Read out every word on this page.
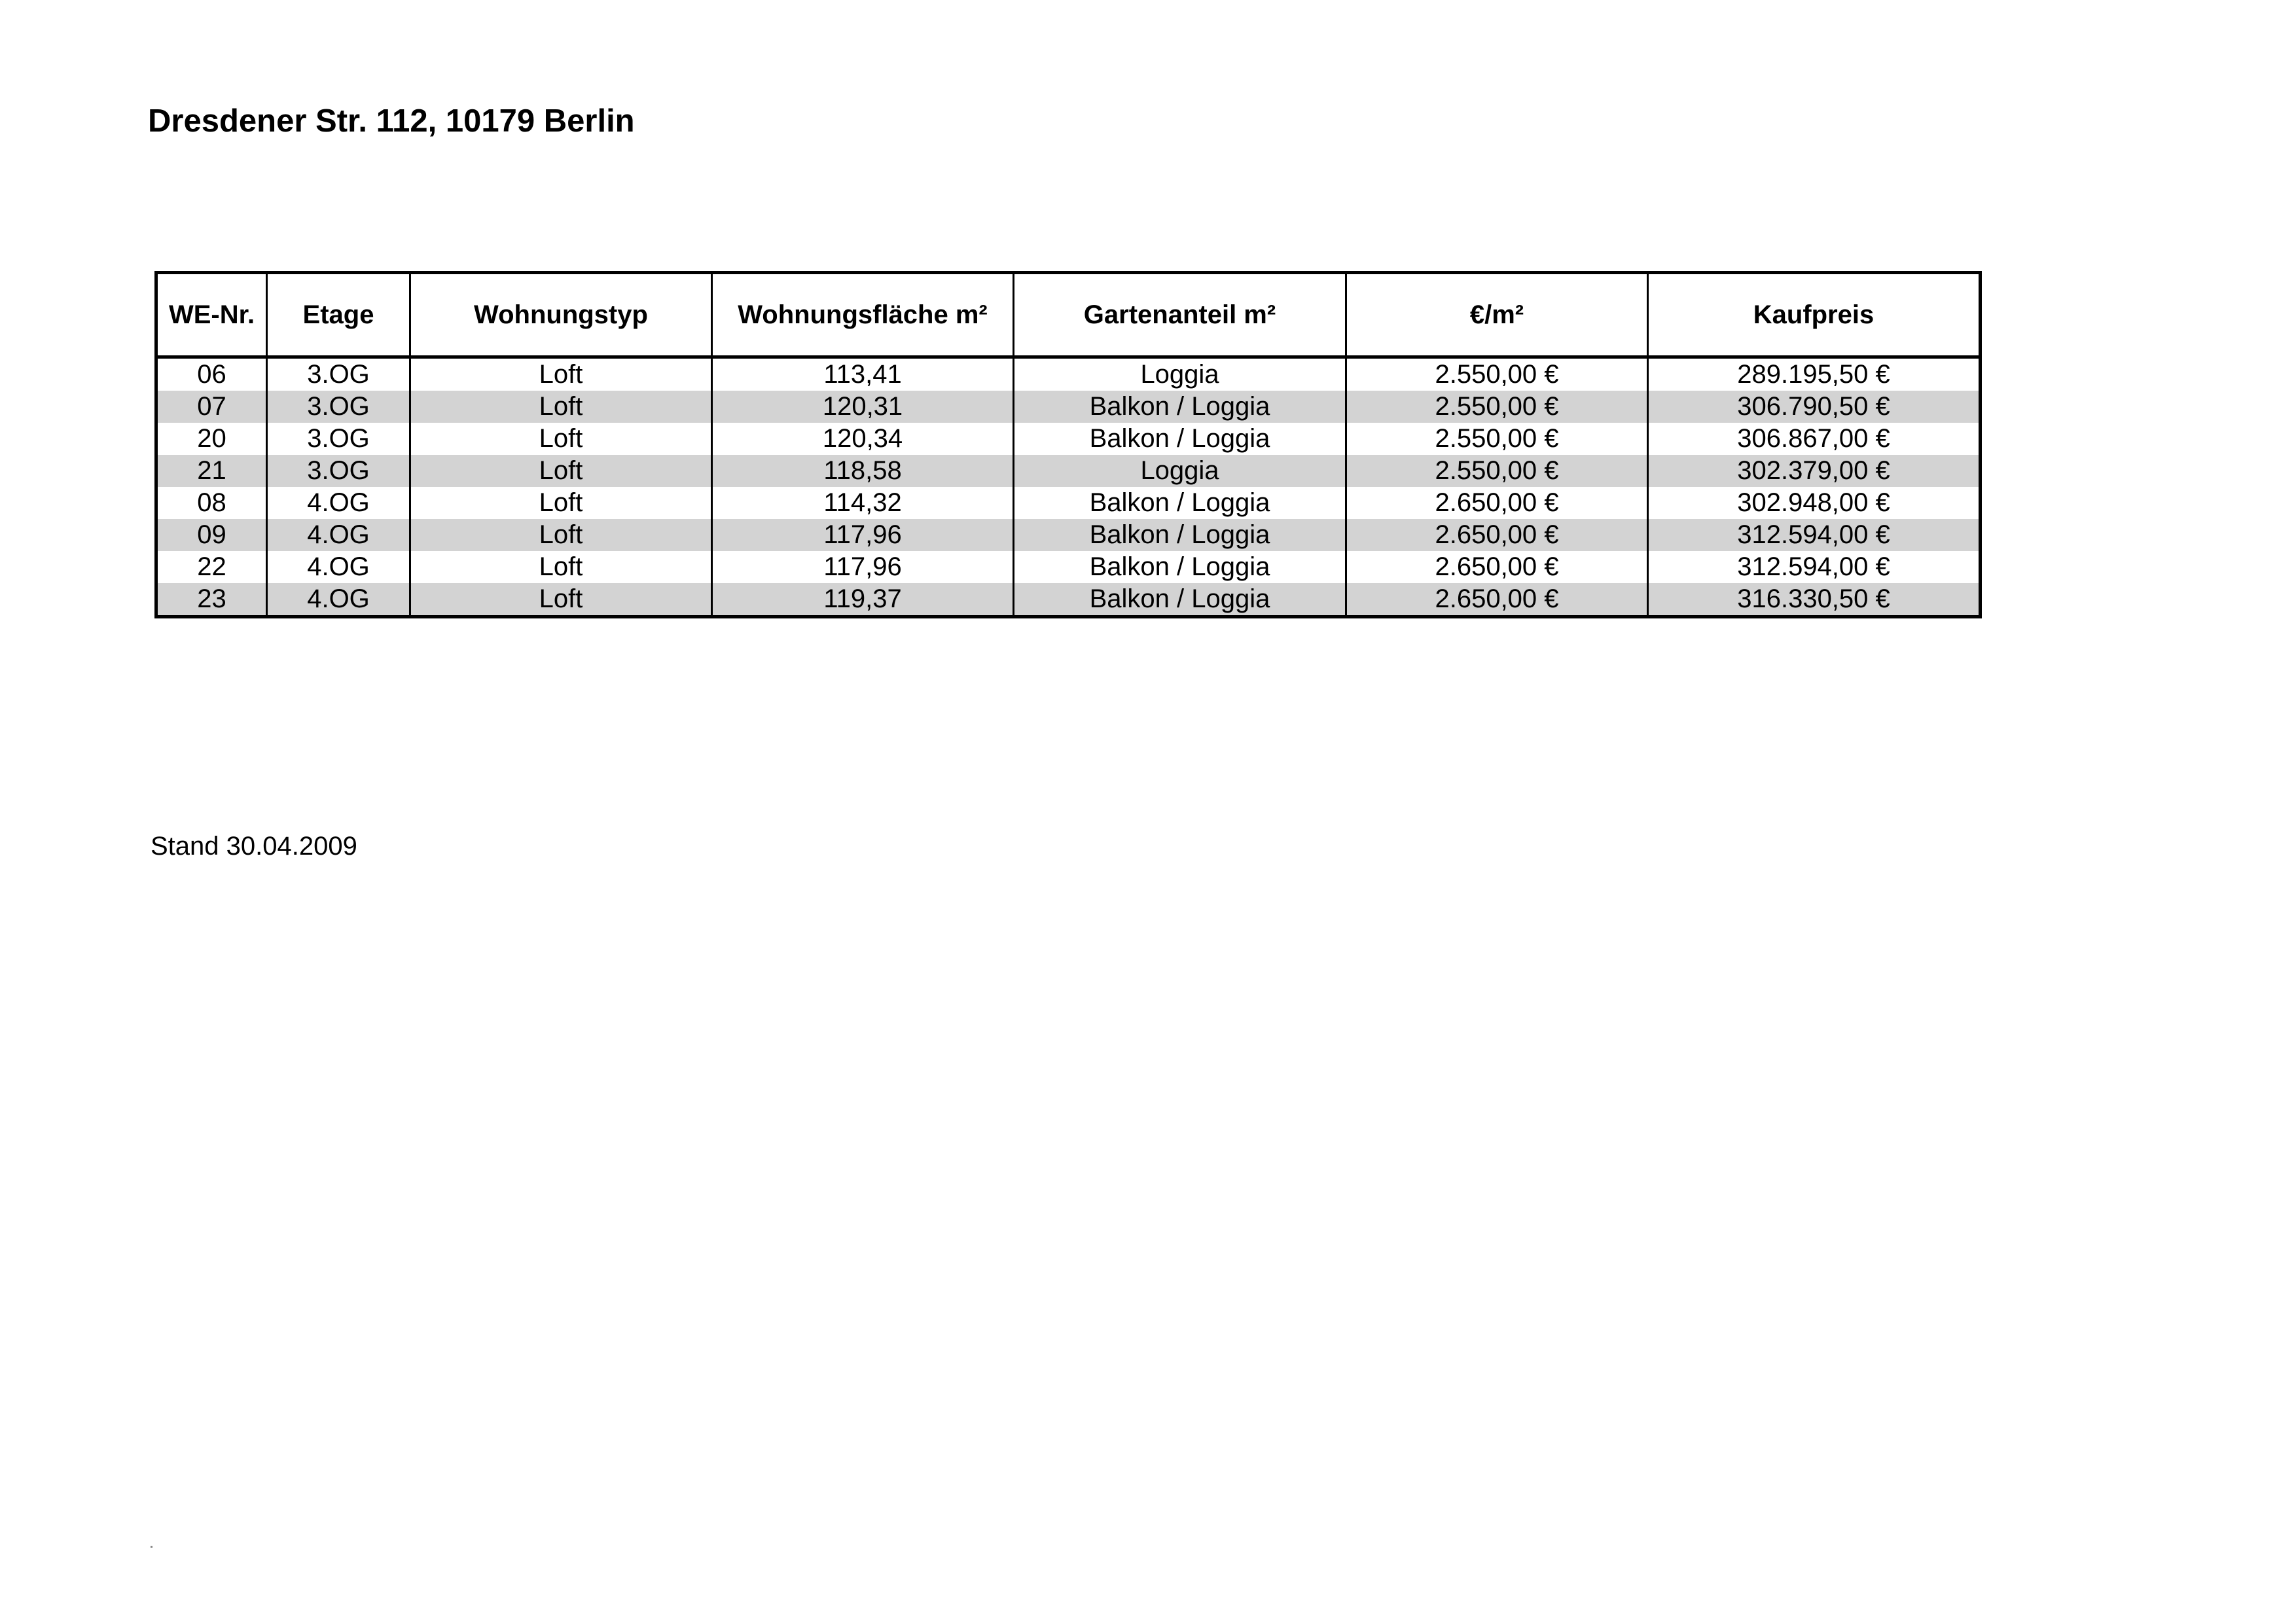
Dresdener Str. 112, 10179 Berlin
WE-Nr.	Etage	Wohnungstyp	Wohnungsfläche m²	Gartenanteil m²	€/m²	Kaufpreis
06	3.OG	Loft	113,41	Loggia	2.550,00 €	289.195,50 €
07	3.OG	Loft	120,31	Balkon / Loggia	2.550,00 €	306.790,50 €
20	3.OG	Loft	120,34	Balkon / Loggia	2.550,00 €	306.867,00 €
21	3.OG	Loft	118,58	Loggia	2.550,00 €	302.379,00 €
08	4.OG	Loft	114,32	Balkon / Loggia	2.650,00 €	302.948,00 €
09	4.OG	Loft	117,96	Balkon / Loggia	2.650,00 €	312.594,00 €
22	4.OG	Loft	117,96	Balkon / Loggia	2.650,00 €	312.594,00 €
23	4.OG	Loft	119,37	Balkon / Loggia	2.650,00 €	316.330,50 €
Stand 30.04.2009
